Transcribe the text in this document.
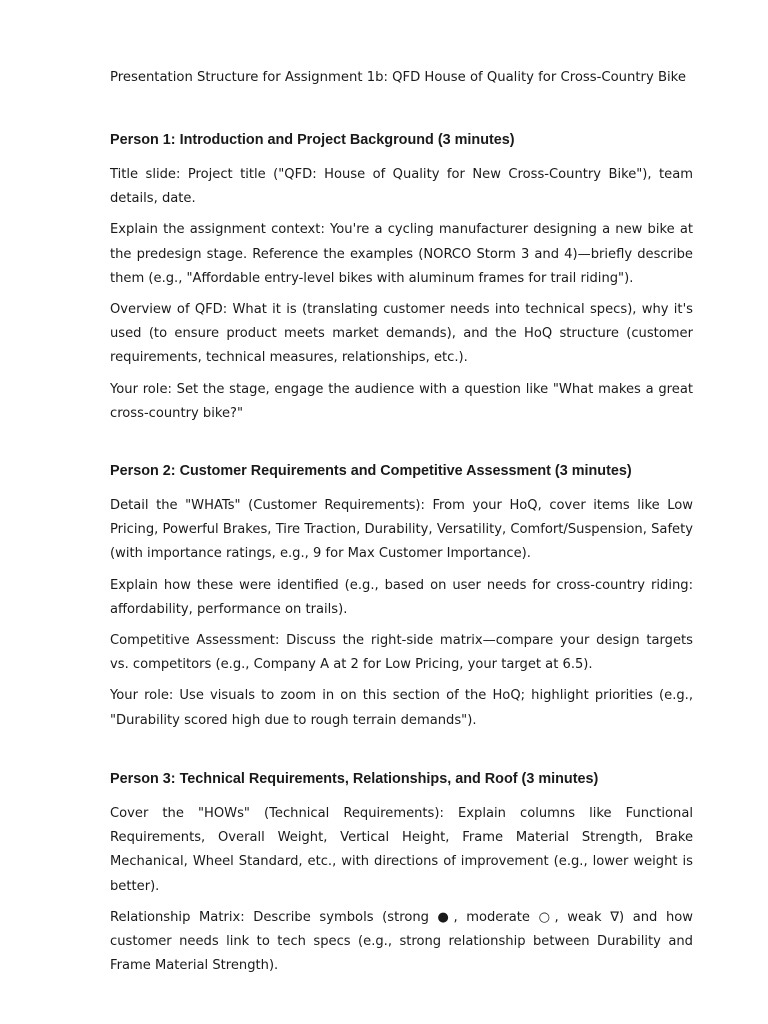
Presentation Structure for Assignment 1b: QFD House of Quality for Cross-Country Bike
Person 1: Introduction and Project Background (3 minutes)

Title slide: Project title ("QFD: House of Quality for New Cross-Country Bike"), team details, date.

Explain the assignment context: You're a cycling manufacturer designing a new bike at the predesign stage. Reference the examples (NORCO Storm 3 and 4)—briefly describe them (e.g., "Affordable entry-level bikes with aluminum frames for trail riding").

Overview of QFD: What it is (translating customer needs into technical specs), why it's used (to ensure product meets market demands), and the HoQ structure (customer requirements, technical measures, relationships, etc.).

Your role: Set the stage, engage the audience with a question like "What makes a great cross-country bike?"

Person 2: Customer Requirements and Competitive Assessment (3 minutes)

Detail the "WHATs" (Customer Requirements): From your HoQ, cover items like Low Pricing, Powerful Brakes, Tire Traction, Durability, Versatility, Comfort/Suspension, Safety (with importance ratings, e.g., 9 for Max Customer Importance).

Explain how these were identified (e.g., based on user needs for cross-country riding: affordability, performance on trails).

Competitive Assessment: Discuss the right-side matrix—compare your design targets vs. competitors (e.g., Company A at 2 for Low Pricing, your target at 6.5).

Your role: Use visuals to zoom in on this section of the HoQ; highlight priorities (e.g., "Durability scored high due to rough terrain demands").

Person 3: Technical Requirements, Relationships, and Roof (3 minutes)

Cover the "HOWs" (Technical Requirements): Explain columns like Functional Requirements, Overall Weight, Vertical Height, Frame Material Strength, Brake Mechanical, Wheel Standard, etc., with directions of improvement (e.g., lower weight is better).

Relationship Matrix: Describe symbols (strong ●, moderate ○, weak ∇) and how customer needs link to tech specs (e.g., strong relationship between Durability and Frame Material Strength).
